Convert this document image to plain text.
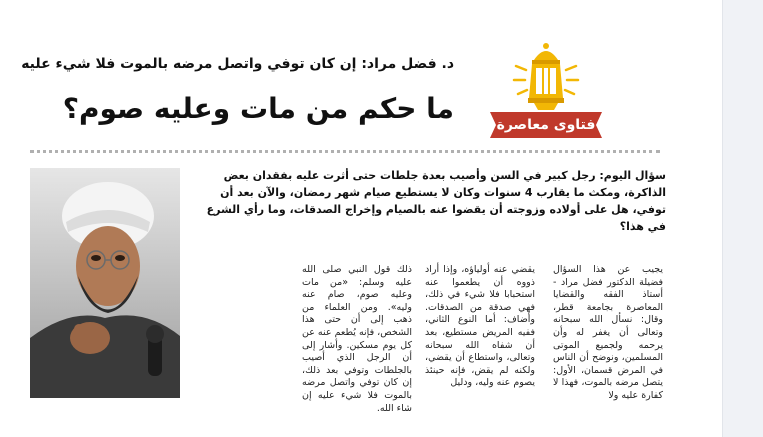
د. فضل مراد: إن كان توفي واتصل مرضه بالموت فلا شيء عليه
ما حكم من مات وعليه صوم؟	فتاوى معاصرة
سؤال اليوم: رجل كبير في السن وأصيب بعدة جلطات حتى أثرت عليه بفقدان بعض الذاكرة، ومكث ما يقارب 4 سنوات وكان لا يستطيع صيام شهر رمضان، والآن بعد أن توفي، هل على أولاده وزوجته أن يقضوا عنه بالصيام وإخراج الصدقات، وما رأي الشرع في هذا؟
يجيب عن هذا السؤال فضيلة الدكتور فضل مراد - أستاذ الفقه والقضايا المعاصرة بجامعة قطر، وقال: نسأل الله سبحانه وتعالى أن يغفر له وأن يرحمه ولجميع الموتى المسلمين، ونوضح أن الناس في المرض قسمان، الأول: يتصل مرضه بالموت، فهذا لا كفارة عليه ولا
يقضي عنه أولياؤه، وإذا أراد ذووه أن يطعموا عنه استحبابا فلا شيء في ذلك، فهي صدقة من الصدقات. وأضاف: أما النوع الثاني، ففيه المريض مستطيع، بعد أن شفاه الله سبحانه وتعالى، واستطاع أن يقضي، ولكنه لم يقض، فإنه حينئذ يصوم عنه وليه، ودليل
ذلك قول النبي صلى الله عليه وسلم: «من مات وعليه صوم، صام عنه وليه». ومن العلماء من ذهب إلى أن حتى هذا الشخص، فإنه يُطعم عنه عن كل يوم مسكين. وأشار إلى أن الرجل الذي أصيب بالجلطات وتوفي بعد ذلك، إن كان توفي واتصل مرضه بالموت فلا شيء عليه إن شاء الله.
